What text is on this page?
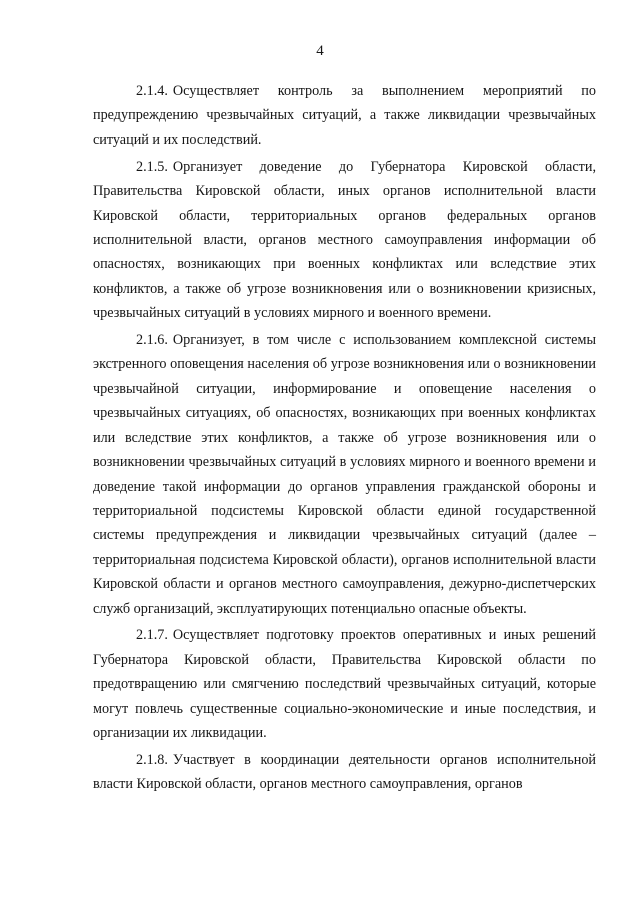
4

2.1.4. Осуществляет контроль за выполнением мероприятий по предупреждению чрезвычайных ситуаций, а также ликвидации чрезвычайных ситуаций и их последствий.

2.1.5. Организует доведение до Губернатора Кировской области, Правительства Кировской области, иных органов исполнительной власти Кировской области, территориальных органов федеральных органов исполнительной власти, органов местного самоуправления информации об опасностях, возникающих при военных конфликтах или вследствие этих конфликтов, а также об угрозе возникновения или о возникновении кризисных, чрезвычайных ситуаций в условиях мирного и военного времени.

2.1.6. Организует, в том числе с использованием комплексной системы экстренного оповещения населения об угрозе возникновения или о возникновении чрезвычайной ситуации, информирование и оповещение населения о чрезвычайных ситуациях, об опасностях, возникающих при военных конфликтах или вследствие этих конфликтов, а также об угрозе возникновения или о возникновении чрезвычайных ситуаций в условиях мирного и военного времени и доведение такой информации до органов управления гражданской обороны и территориальной подсистемы Кировской области единой государственной системы предупреждения и ликвидации чрезвычайных ситуаций (далее – территориальная подсистема Кировской области), органов исполнительной власти Кировской области и органов местного самоуправления, дежурно-диспетчерских служб организаций, эксплуатирующих потенциально опасные объекты.

2.1.7. Осуществляет подготовку проектов оперативных и иных решений Губернатора Кировской области, Правительства Кировской области по предотвращению или смягчению последствий чрезвычайных ситуаций, которые могут повлечь существенные социально-экономические и иные последствия, и организации их ликвидации.

2.1.8. Участвует в координации деятельности органов исполнительной власти Кировской области, органов местного самоуправления, органов
